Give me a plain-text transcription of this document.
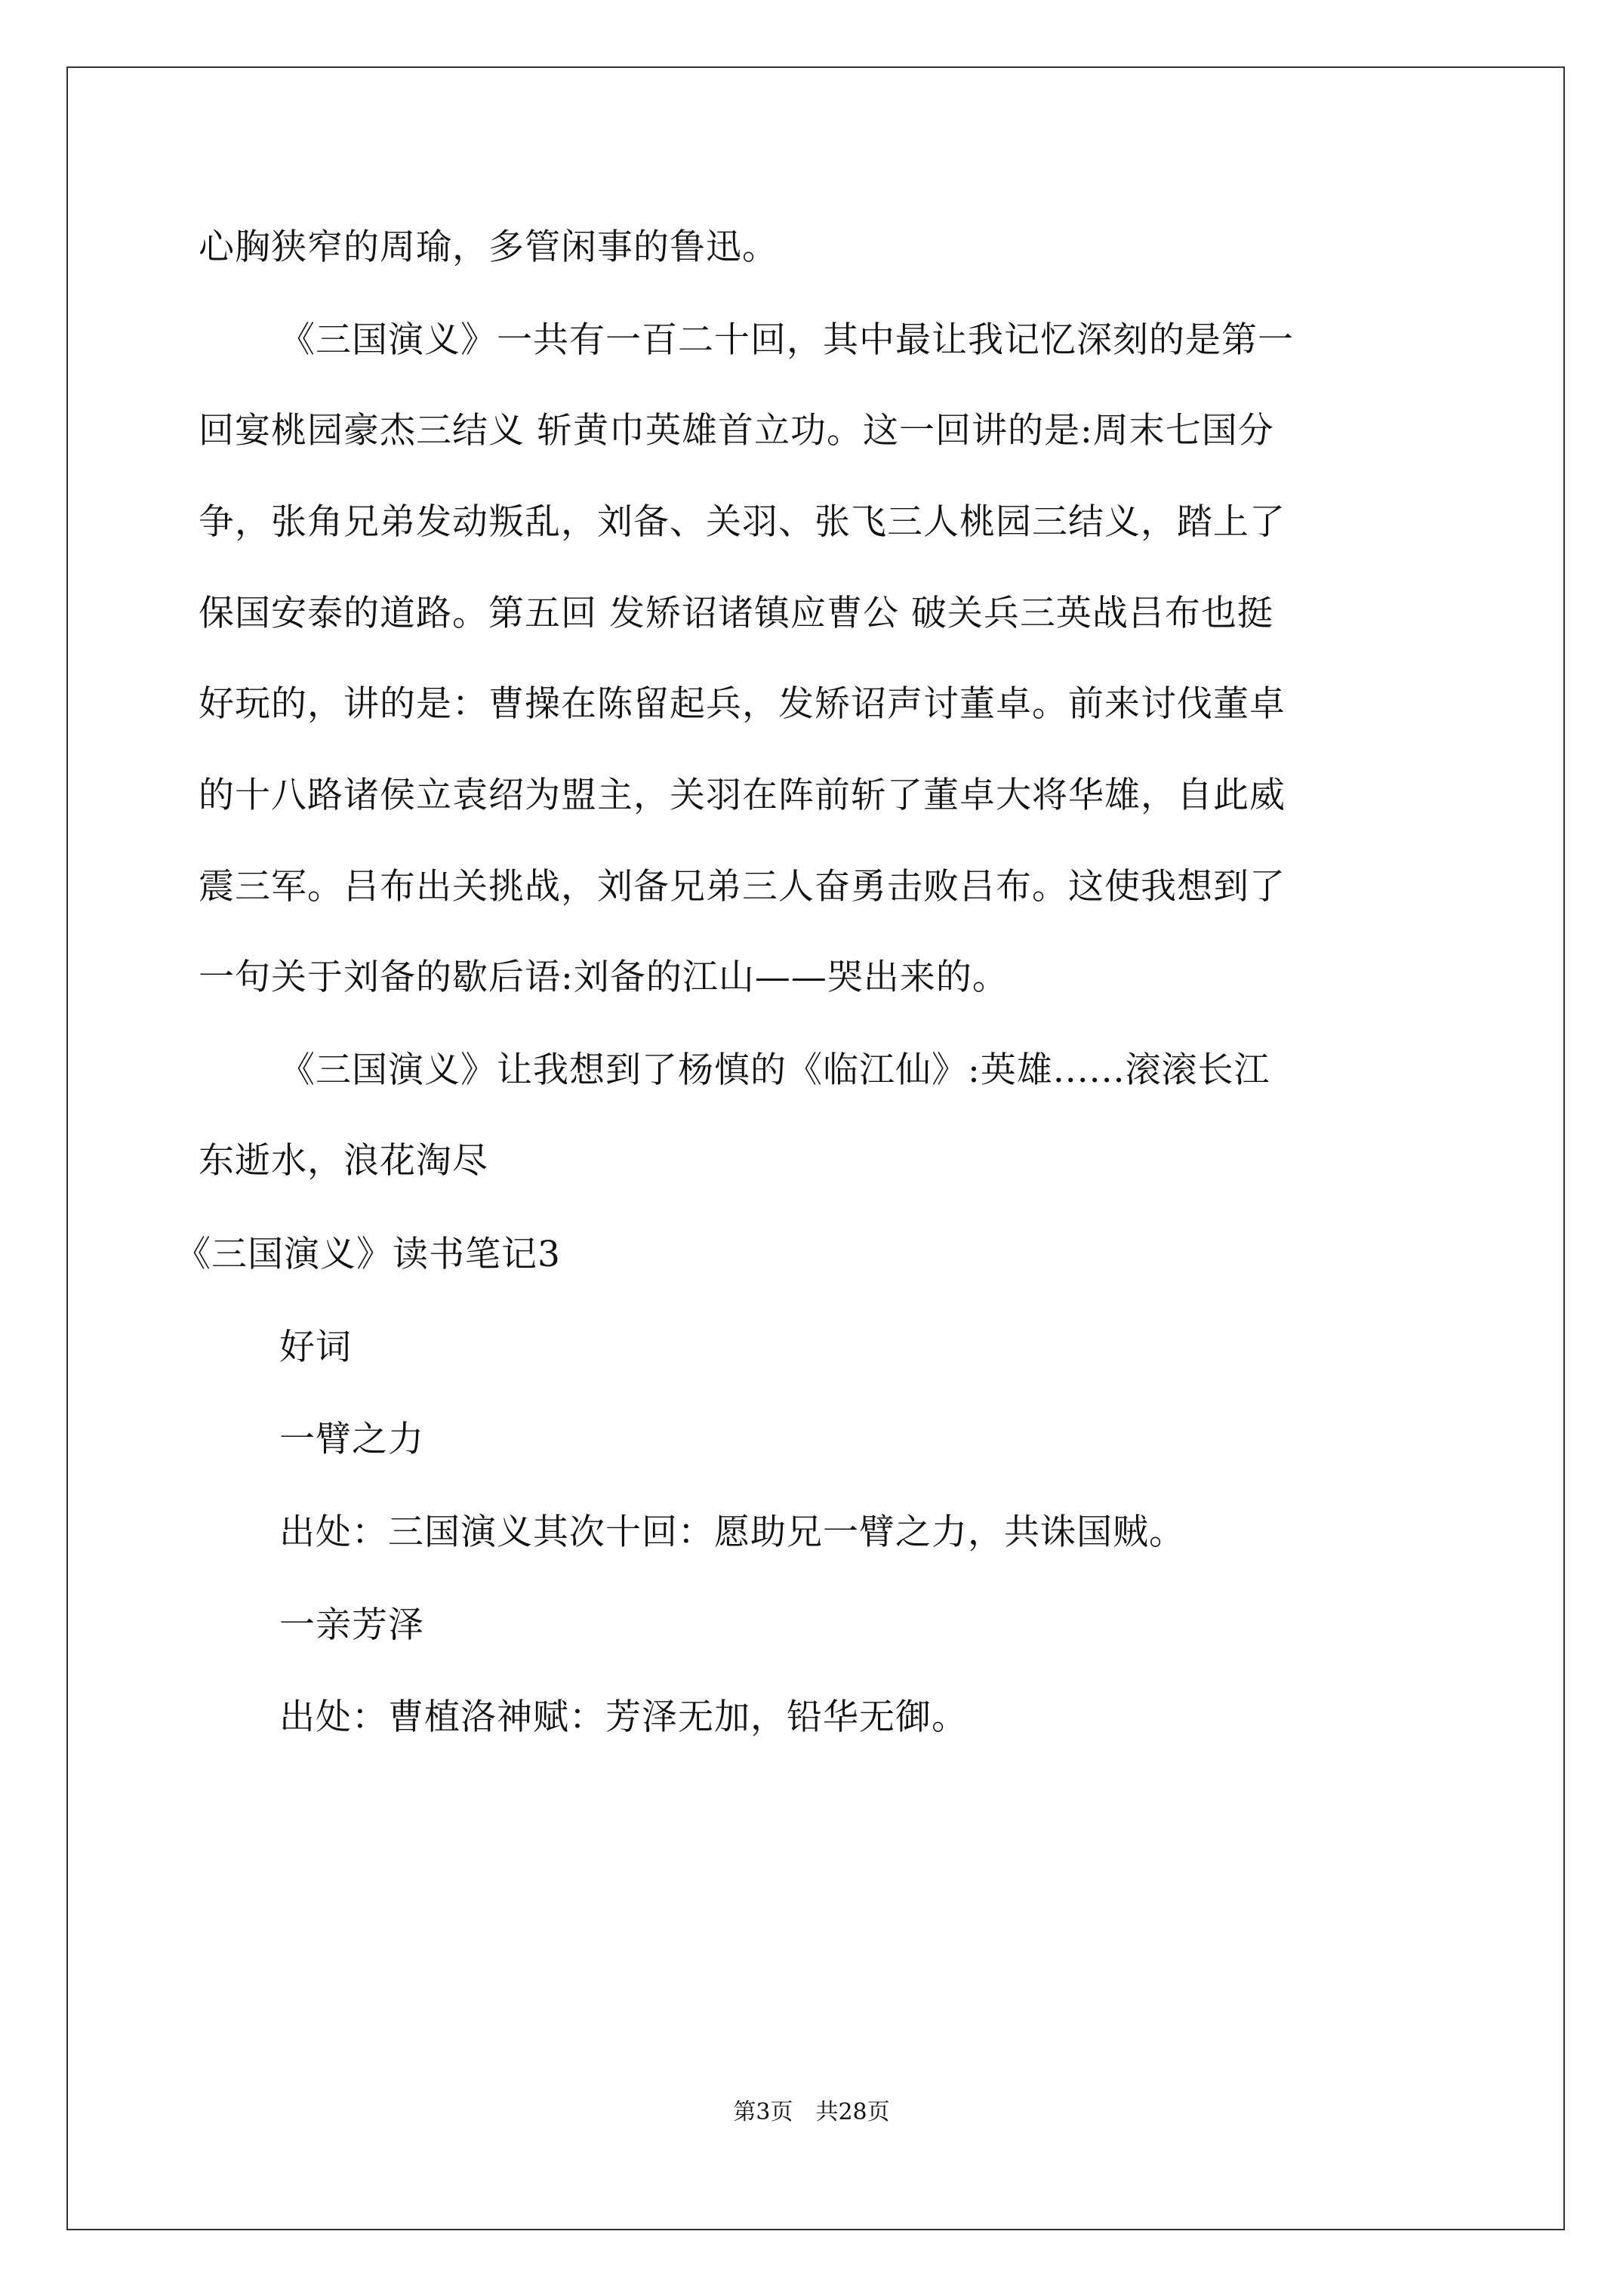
心胸狭窄的周瑜，多管闲事的鲁迅。
《三国演义》一共有一百二十回，其中最让我记忆深刻的是第一
回宴桃园豪杰三结义 斩黄巾英雄首立功。这一回讲的是:周末七国分
争，张角兄弟发动叛乱，刘备、关羽、张飞三人桃园三结义，踏上了
保国安泰的道路。第五回 发矫诏诸镇应曹公 破关兵三英战吕布也挺
好玩的，讲的是：曹操在陈留起兵，发矫诏声讨董卓。前来讨伐董卓
的十八路诸侯立袁绍为盟主，关羽在阵前斩了董卓大将华雄，自此威
震三军。吕布出关挑战，刘备兄弟三人奋勇击败吕布。这使我想到了
一句关于刘备的歇后语:刘备的江山——哭出来的。
《三国演义》让我想到了杨慎的《临江仙》:英雄......滚滚长江
东逝水，浪花淘尽
《三国演义》读书笔记3
好词
一臂之力
出处：三国演义其次十回：愿助兄一臂之力，共诛国贼。
一亲芳泽
出处：曹植洛神赋：芳泽无加，铅华无御。
第3页　共28页
